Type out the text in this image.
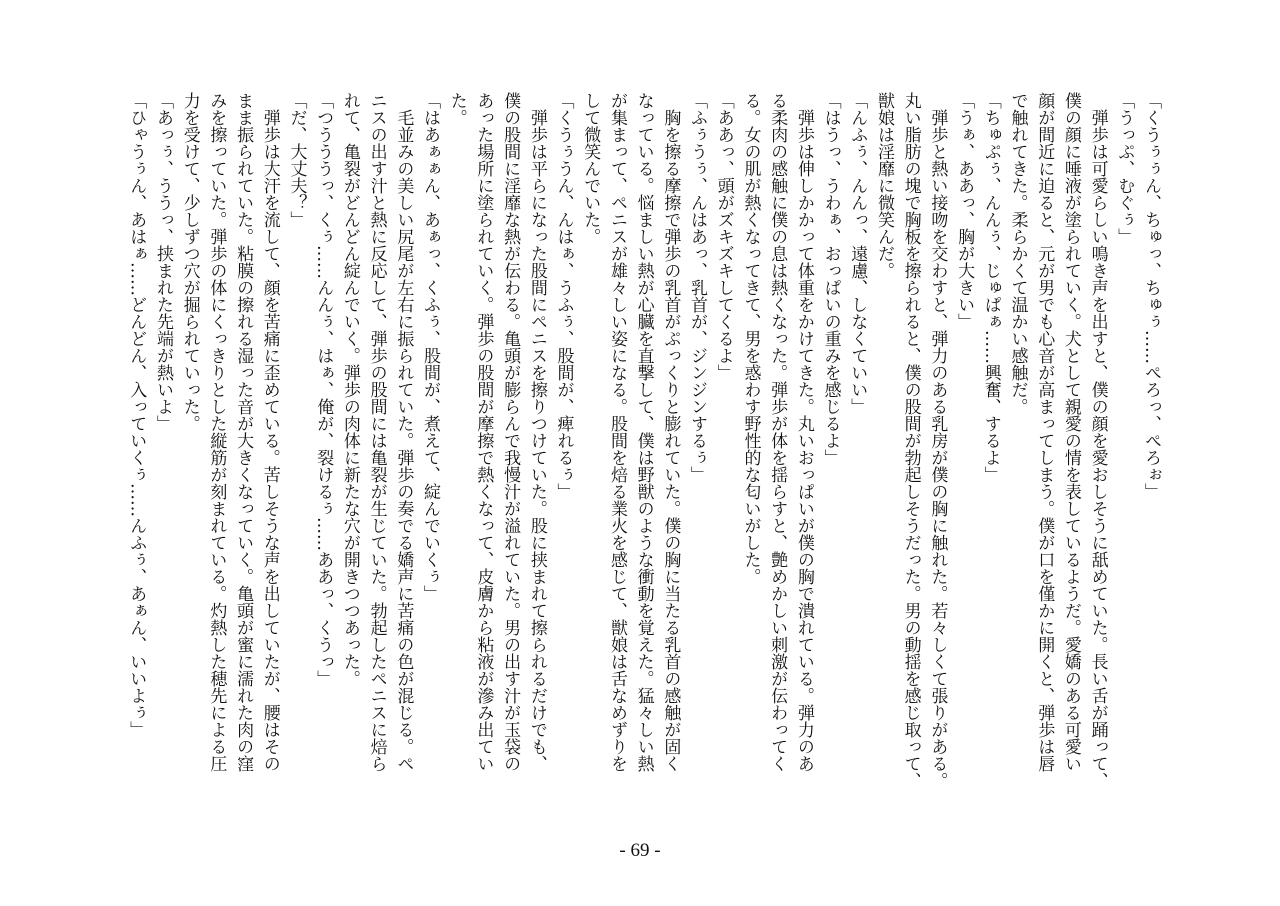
「くうぅぅん、ちゅっ、ちゅぅ……ぺろっ、ぺろぉ」
「うっぷ、むぐぅ」
　弾歩は可愛らしい鳴き声を出すと、僕の顔を愛おしそうに舐めていた。長い舌が踊って、
僕の顔に唾液が塗られていく。犬として親愛の情を表しているようだ。愛嬌のある可愛い
顔が間近に迫ると、元が男でも心音が高まってしまう。僕が口を僅かに開くと、弾歩は唇
で触れてきた。柔らかくて温かい感触だ。
「ちゅぷぅ、んんぅ、じゅぱぁ……興奮、するよ」
「うぁ、ああっ、胸が大きい」
　弾歩と熱い接吻を交わすと、弾力のある乳房が僕の胸に触れた。若々しくて張りがある。
丸い脂肪の塊で胸板を擦られると、僕の股間が勃起しそうだった。男の動揺を感じ取って、
獣娘は淫靡に微笑んだ。
「んふぅ、んんっ、遠慮、しなくていい」
「はうっ、うわぁ、おっぱいの重みを感じるよ」
　弾歩は伸しかかって体重をかけてきた。丸いおっぱいが僕の胸で潰れている。弾力のあ
る柔肉の感触に僕の息は熱くなった。弾歩が体を揺らすと、艶めかしい刺激が伝わってく
る。女の肌が熱くなってきて、男を惑わす野性的な匂いがした。
「ああっ、頭がズキズキしてくるよ」
「ふぅうぅ、んはあっ、乳首が、ジンジンするぅ」
　胸を擦る摩擦で弾歩の乳首がぷっくりと膨れていた。僕の胸に当たる乳首の感触が固く
なっている。悩ましい熱が心臓を直撃して、僕は野獣のような衝動を覚えた。猛々しい熱
が集まって、ペニスが雄々しい姿になる。股間を焙る業火を感じて、獣娘は舌なめずりを
して微笑んでいた。
「くうぅうん、んはぁ、うふぅ、股間が、痺れるぅ」
　弾歩は平らになった股間にペニスを擦りつけていた。股に挟まれて擦られるだけでも、
僕の股間に淫靡な熱が伝わる。亀頭が膨らんで我慢汁が溢れていた。男の出す汁が玉袋の
あった場所に塗られていく。弾歩の股間が摩擦で熱くなって、皮膚から粘液が滲み出てい
た。
「はあぁぁん、あぁっ、くふぅ、股間が、煮えて、綻んでいくぅ」
　毛並みの美しい尻尾が左右に振られていた。弾歩の奏でる嬌声に苦痛の色が混じる。ペ
ニスの出す汁と熱に反応して、弾歩の股間には亀裂が生じていた。勃起したペニスに焙ら
れて、亀裂がどんどん綻んでいく。弾歩の肉体に新たな穴が開きつつあった。
「つうううっ、くぅ……んんぅ、はぁ、俺が、裂けるぅ……ああっ、くうっ」
「だ、大丈夫？」
　弾歩は大汗を流して、顔を苦痛に歪めている。苦しそうな声を出していたが、腰はその
まま振られていた。粘膜の擦れる湿った音が大きくなっていく。亀頭が蜜に濡れた肉の窪
みを擦っていた。弾歩の体にくっきりとした縦筋が刻まれている。灼熱した穂先による圧
力を受けて、少しずつ穴が掘られていった。
「あっぅ、ううっ、挟まれた先端が熱いよ」
「ひゃうぅん、あはぁ……どんどん、入っていくぅ……んふぅ、あぁん、いいよぅ」
- 69 -
